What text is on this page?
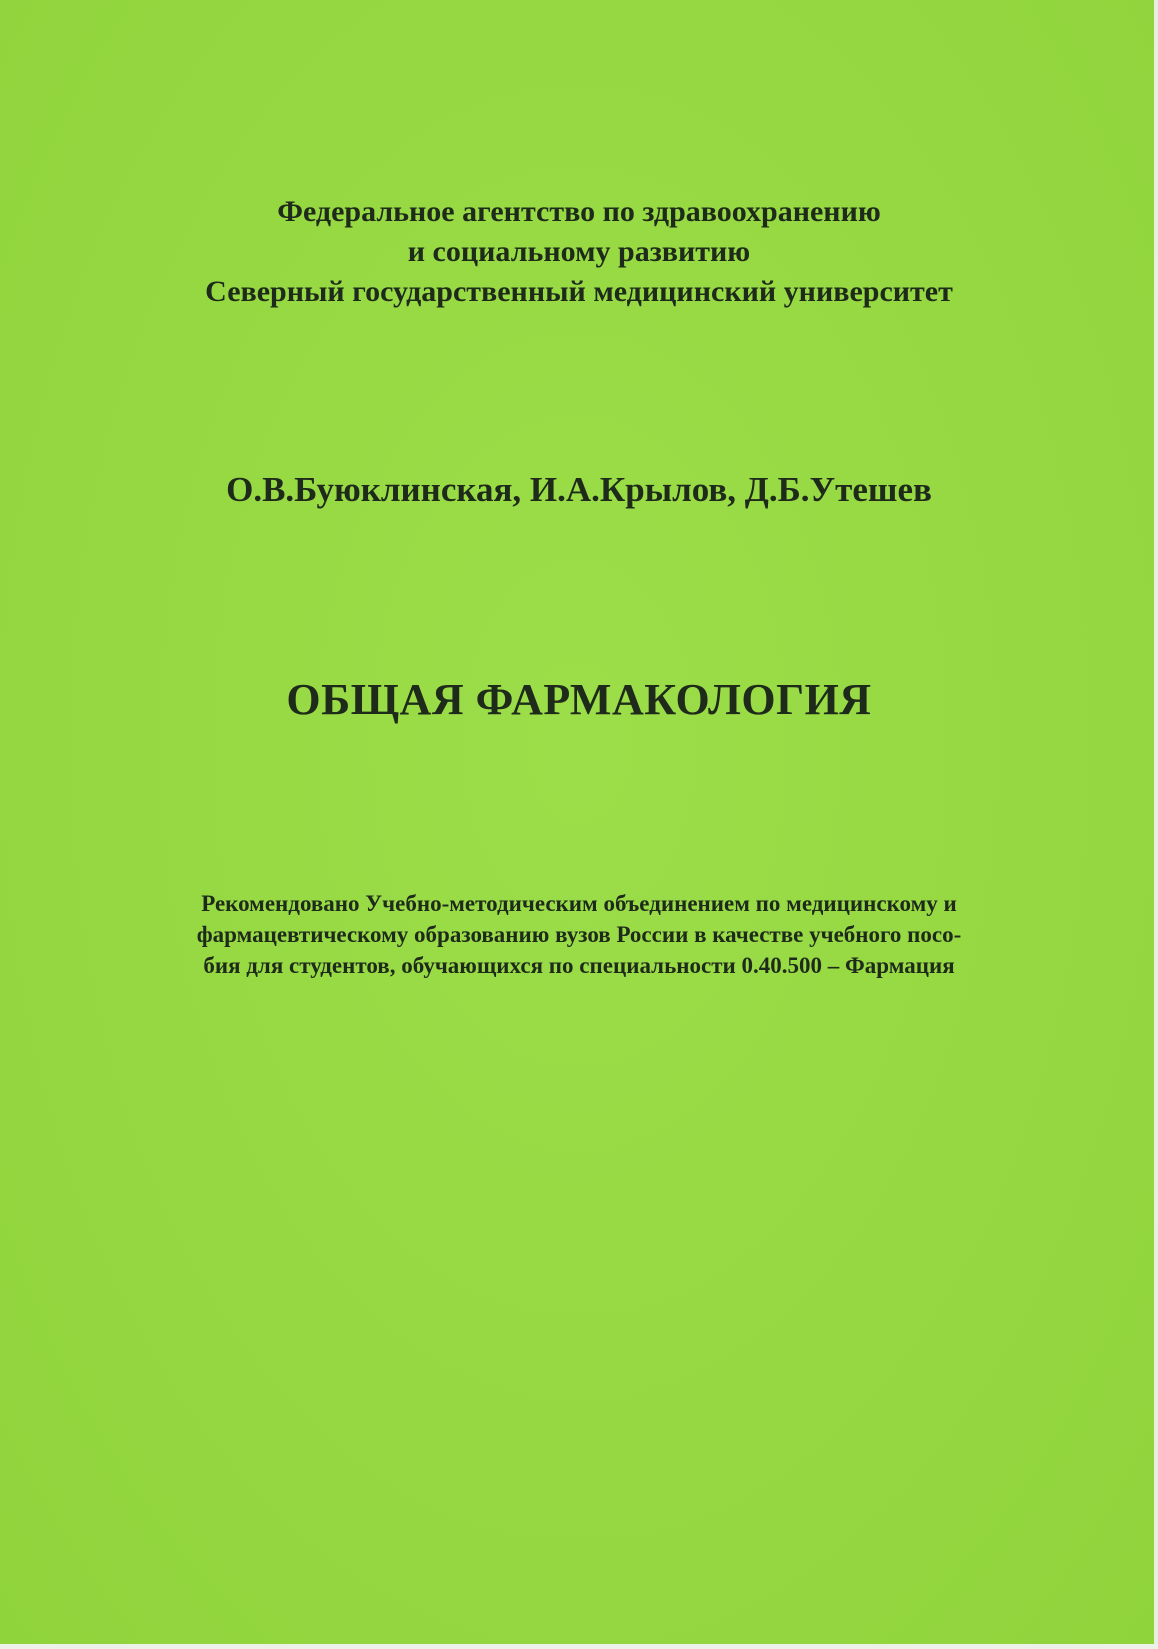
Федеральное агентство по здравоохранению
и социальному развитию
Северный государственный медицинский университет
О.В.Буюклинская, И.А.Крылов, Д.Б.Утешев
ОБЩАЯ ФАРМАКОЛОГИЯ
Рекомендовано Учебно-методическим объединением по медицинскому и
фармацевтическому образованию вузов России в качестве учебного посо-
бия для студентов, обучающихся по специальности 0.40.500 – Фармация
